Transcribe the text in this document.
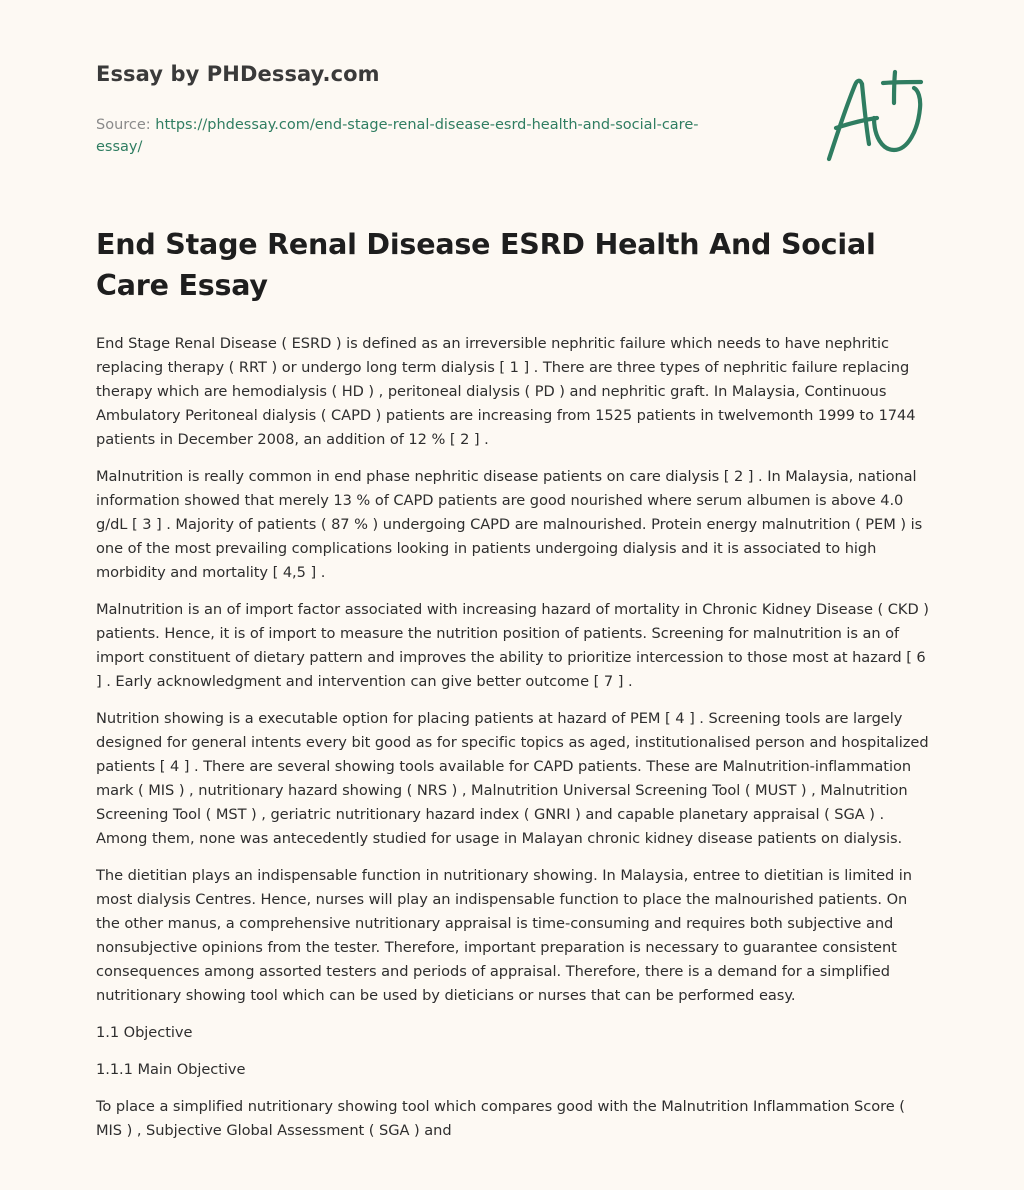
Essay by PHDessay.com
Source: https://phdessay.com/end-stage-renal-disease-esrd-health-and-social-care-essay/
End Stage Renal Disease ESRD Health And Social Care Essay

End Stage Renal Disease ( ESRD ) is defined as an irreversible nephritic failure which needs to have nephritic replacing therapy ( RRT ) or undergo long term dialysis [ 1 ] . There are three types of nephritic failure replacing therapy which are hemodialysis ( HD ) , peritoneal dialysis ( PD ) and nephritic graft. In Malaysia, Continuous Ambulatory Peritoneal dialysis ( CAPD ) patients are increasing from 1525 patients in twelvemonth 1999 to 1744 patients in December 2008, an addition of 12 % [ 2 ] .

Malnutrition is really common in end phase nephritic disease patients on care dialysis [ 2 ] . In Malaysia, national information showed that merely 13 % of CAPD patients are good nourished where serum albumen is above 4.0 g/dL [ 3 ] . Majority of patients ( 87 % ) undergoing CAPD are malnourished. Protein energy malnutrition ( PEM ) is one of the most prevailing complications looking in patients undergoing dialysis and it is associated to high morbidity and mortality [ 4,5 ] .

Malnutrition is an of import factor associated with increasing hazard of mortality in Chronic Kidney Disease ( CKD ) patients. Hence, it is of import to measure the nutrition position of patients. Screening for malnutrition is an of import constituent of dietary pattern and improves the ability to prioritize intercession to those most at hazard [ 6 ] . Early acknowledgment and intervention can give better outcome [ 7 ] .

Nutrition showing is a executable option for placing patients at hazard of PEM [ 4 ] . Screening tools are largely designed for general intents every bit good as for specific topics as aged, institutionalised person and hospitalized patients [ 4 ] . There are several showing tools available for CAPD patients. These are Malnutrition-inflammation mark ( MIS ) , nutritionary hazard showing ( NRS ) , Malnutrition Universal Screening Tool ( MUST ) , Malnutrition Screening Tool ( MST ) , geriatric nutritionary hazard index ( GNRI ) and capable planetary appraisal ( SGA ) . Among them, none was antecedently studied for usage in Malayan chronic kidney disease patients on dialysis.

The dietitian plays an indispensable function in nutritionary showing. In Malaysia, entree to dietitian is limited in most dialysis Centres. Hence, nurses will play an indispensable function to place the malnourished patients. On the other manus, a comprehensive nutritionary appraisal is time-consuming and requires both subjective and nonsubjective opinions from the tester. Therefore, important preparation is necessary to guarantee consistent consequences among assorted testers and periods of appraisal. Therefore, there is a demand for a simplified nutritionary showing tool which can be used by dieticians or nurses that can be performed easy.

1.1 Objective

1.1.1 Main Objective

To place a simplified nutritionary showing tool which compares good with the Malnutrition Inflammation Score ( MIS ) , Subjective Global Assessment ( SGA ) and
